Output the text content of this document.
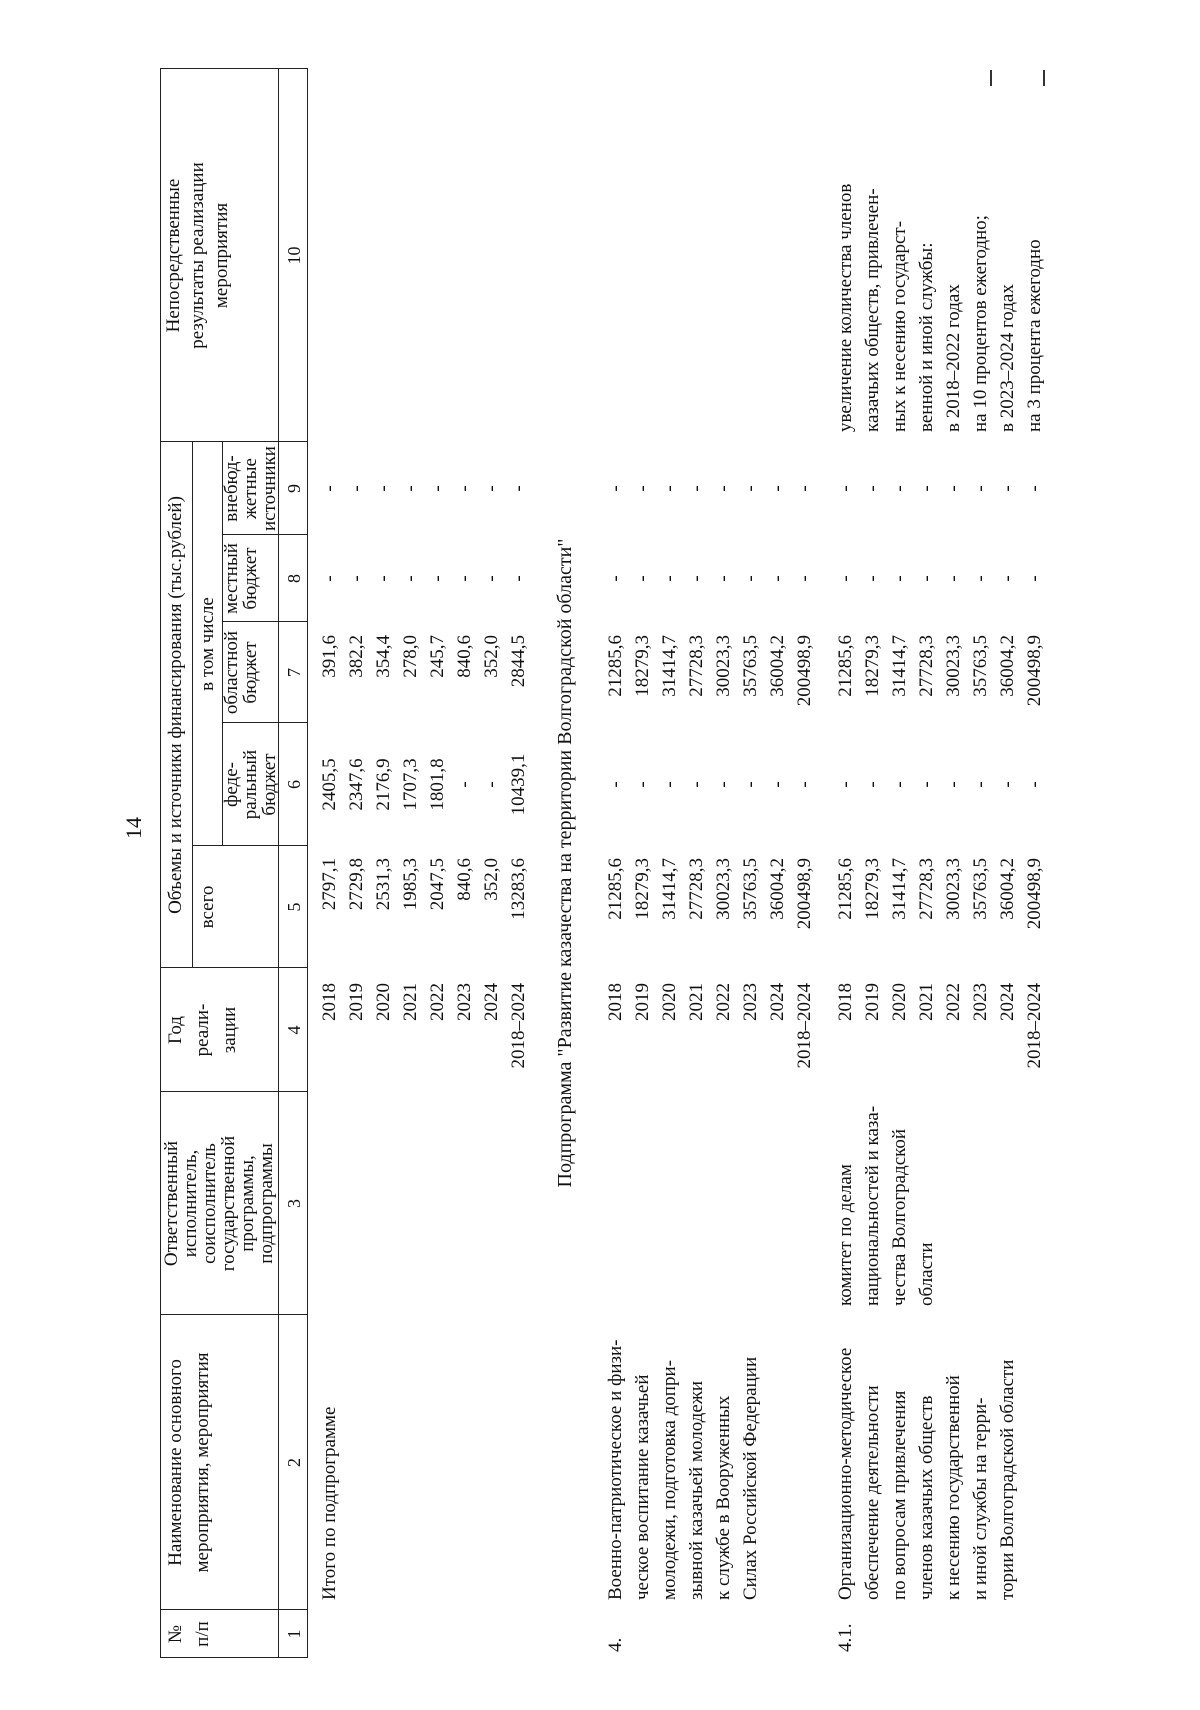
14
№ п/п
Наименование основного мероприятия, мероприятия
Ответственный
исполнитель,
соисполнитель
государственной
программы,
подпрограммы
Год реали- зации
Объемы и источники финансирования (тыс.рублей) всего
в том числе
феде-
ральный
бюджет
областной
бюджет
местный
бюджет
внебюд-
жетные
источники
Непосредственные результаты реализации мероприятия
1
2
3
4
5
6
7
8
9
10
Итого по подпрограмме
2018 2019 2020 2021 2022 2023 2024 2018–2024
2797,1 2729,8 2531,3 1985,3 2047,5 840,6 352,0 13283,6
2405,5 2347,6 2176,9 1707,3 1801,8 - - 10439,1
391,6 382,2 354,4 278,0 245,7 840,6 352,0 2844,5
- - - - - - - -
- - - - - - - -
Подпрограмма "Развитие казачества на территории Волгоградской области"
4.
Военно-патриотическое и физи- ческое воспитание казачьей молодежи, подготовка допри- зывной казачьей молодежи к службе в Вооруженных Силах Российской Федерации
2018 2019 2020 2021 2022 2023 2024 2018–2024
21285,6 18279,3 31414,7 27728,3 30023,3 35763,5 36004,2 200498,9
- - - - - - - -
21285,6 18279,3 31414,7 27728,3 30023,3 35763,5 36004,2 200498,9
- - - - - - - -
- - - - - - - -
4.1.
Организационно-методическое обеспечение деятельности по вопросам привлечения членов казачьих обществ к несению государственной и иной службы на терри- тории Волгоградской области
комитет по делам национальностей и каза- чества Волгоградской области
2018 2019 2020 2021 2022 2023 2024 2018–2024
21285,6 18279,3 31414,7 27728,3 30023,3 35763,5 36004,2 200498,9
- - - - - - - -
21285,6 18279,3 31414,7 27728,3 30023,3 35763,5 36004,2 200498,9
- - - - - - - -
- - - - - - - -
увеличение количества членов казачьих обществ, привлечен- ных к несению государст- венной и иной службы: в 2018–2022 годах на 10 процентов ежегодно; в 2023–2024 годах на 3 процента ежегодно
